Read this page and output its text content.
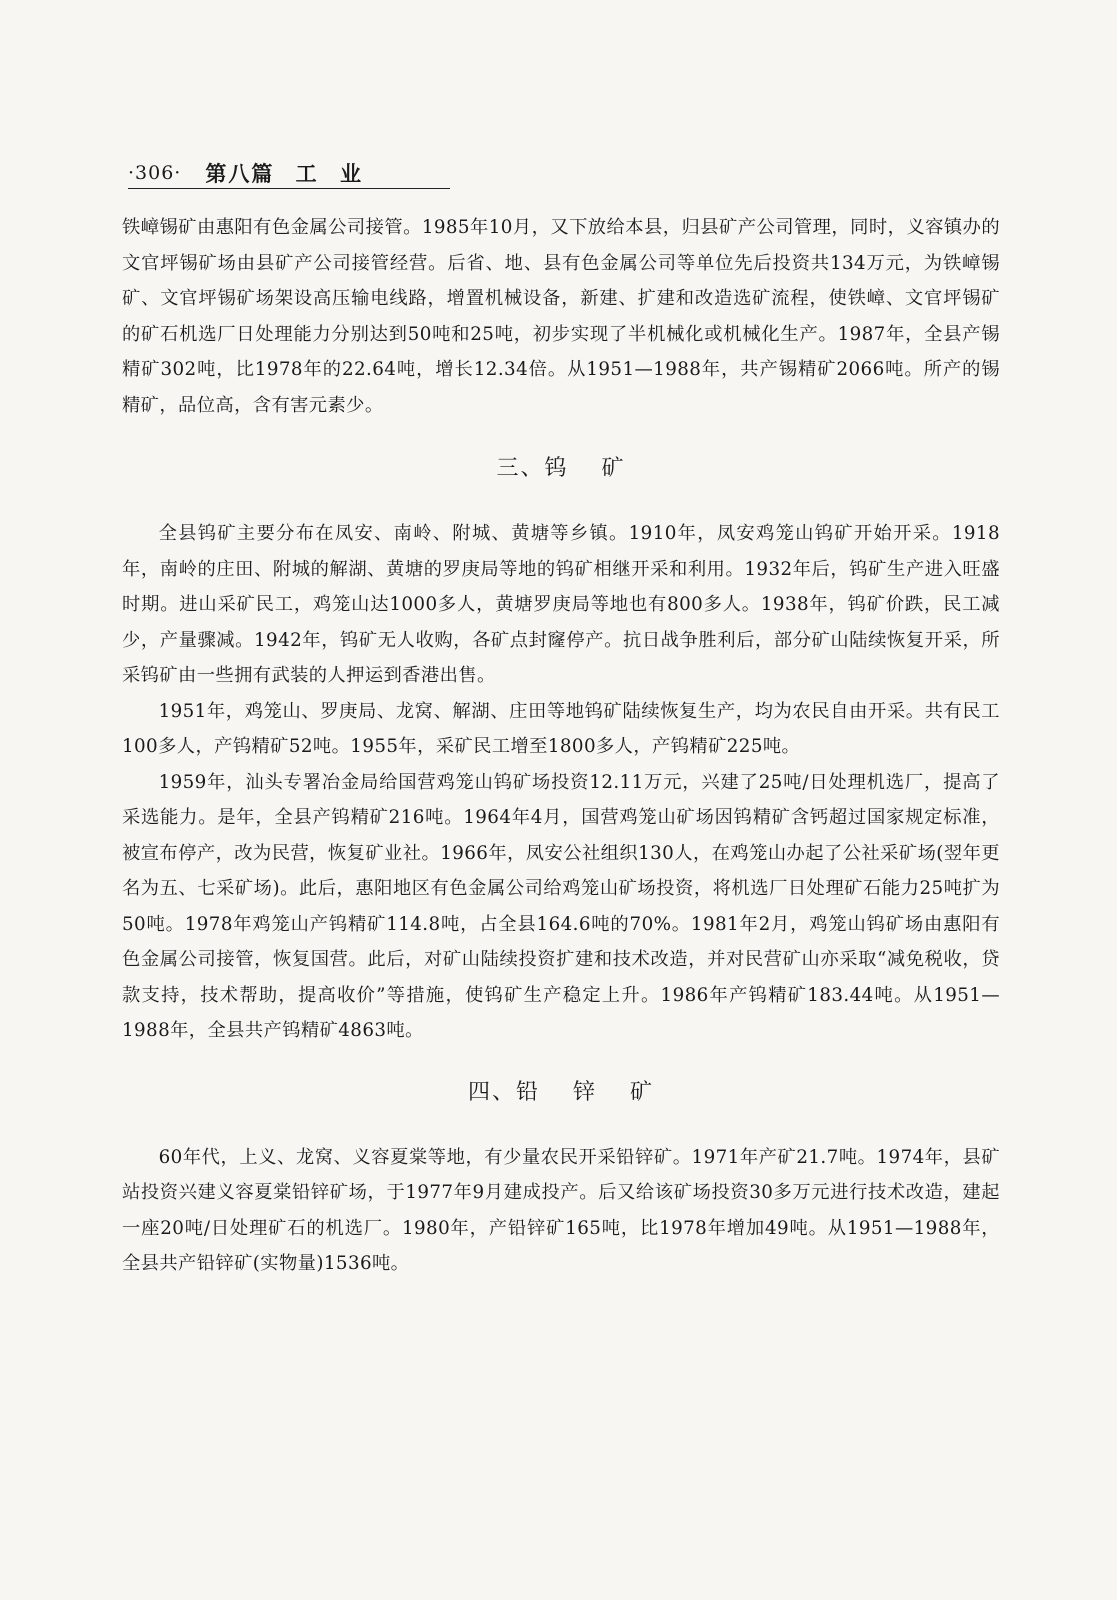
·306· 第八篇 工 业

铁嶂锡矿由惠阳有色金属公司接管。1985年10月，又下放给本县，归县矿产公司管理，同时，义容镇办的文官坪锡矿场由县矿产公司接管经营。后省、地、县有色金属公司等单位先后投资共134万元，为铁嶂锡矿、文官坪锡矿场架设高压输电线路，增置机械设备，新建、扩建和改造选矿流程，使铁嶂、文官坪锡矿的矿石机选厂日处理能力分别达到50吨和25吨，初步实现了半机械化或机械化生产。1987年，全县产锡精矿302吨，比1978年的22.64吨，增长12.34倍。从1951—1988年，共产锡精矿2066吨。所产的锡精矿，品位高，含有害元素少。

三、钨 矿

全县钨矿主要分布在凤安、南岭、附城、黄塘等乡镇。1910年，凤安鸡笼山钨矿开始开采。1918年，南岭的庄田、附城的解湖、黄塘的罗庚局等地的钨矿相继开采和利用。1932年后，钨矿生产进入旺盛时期。进山采矿民工，鸡笼山达1000多人，黄塘罗庚局等地也有800多人。1938年，钨矿价跌，民工减少，产量骤减。1942年，钨矿无人收购，各矿点封窿停产。抗日战争胜利后，部分矿山陆续恢复开采，所采钨矿由一些拥有武装的人押运到香港出售。

1951年，鸡笼山、罗庚局、龙窝、解湖、庄田等地钨矿陆续恢复生产，均为农民自由开采。共有民工100多人，产钨精矿52吨。1955年，采矿民工增至1800多人，产钨精矿225吨。

1959年，汕头专署冶金局给国营鸡笼山钨矿场投资12.11万元，兴建了25吨/日处理机选厂，提高了采选能力。是年，全县产钨精矿216吨。1964年4月，国营鸡笼山矿场因钨精矿含钙超过国家规定标准，被宣布停产，改为民营，恢复矿业社。1966年，凤安公社组织130人，在鸡笼山办起了公社采矿场(翌年更名为五、七采矿场)。此后，惠阳地区有色金属公司给鸡笼山矿场投资，将机选厂日处理矿石能力25吨扩为50吨。1978年鸡笼山产钨精矿114.8吨，占全县164.6吨的70%。1981年2月，鸡笼山钨矿场由惠阳有色金属公司接管，恢复国营。此后，对矿山陆续投资扩建和技术改造，并对民营矿山亦采取“减免税收，贷款支持，技术帮助，提高收价”等措施，使钨矿生产稳定上升。1986年产钨精矿183.44吨。从1951—1988年，全县共产钨精矿4863吨。

四、铅 锌 矿

60年代，上义、龙窝、义容夏棠等地，有少量农民开采铅锌矿。1971年产矿21.7吨。1974年，县矿站投资兴建义容夏棠铅锌矿场，于1977年9月建成投产。后又给该矿场投资30多万元进行技术改造，建起一座20吨/日处理矿石的机选厂。1980年，产铅锌矿165吨，比1978年增加49吨。从1951—1988年，全县共产铅锌矿(实物量)1536吨。
